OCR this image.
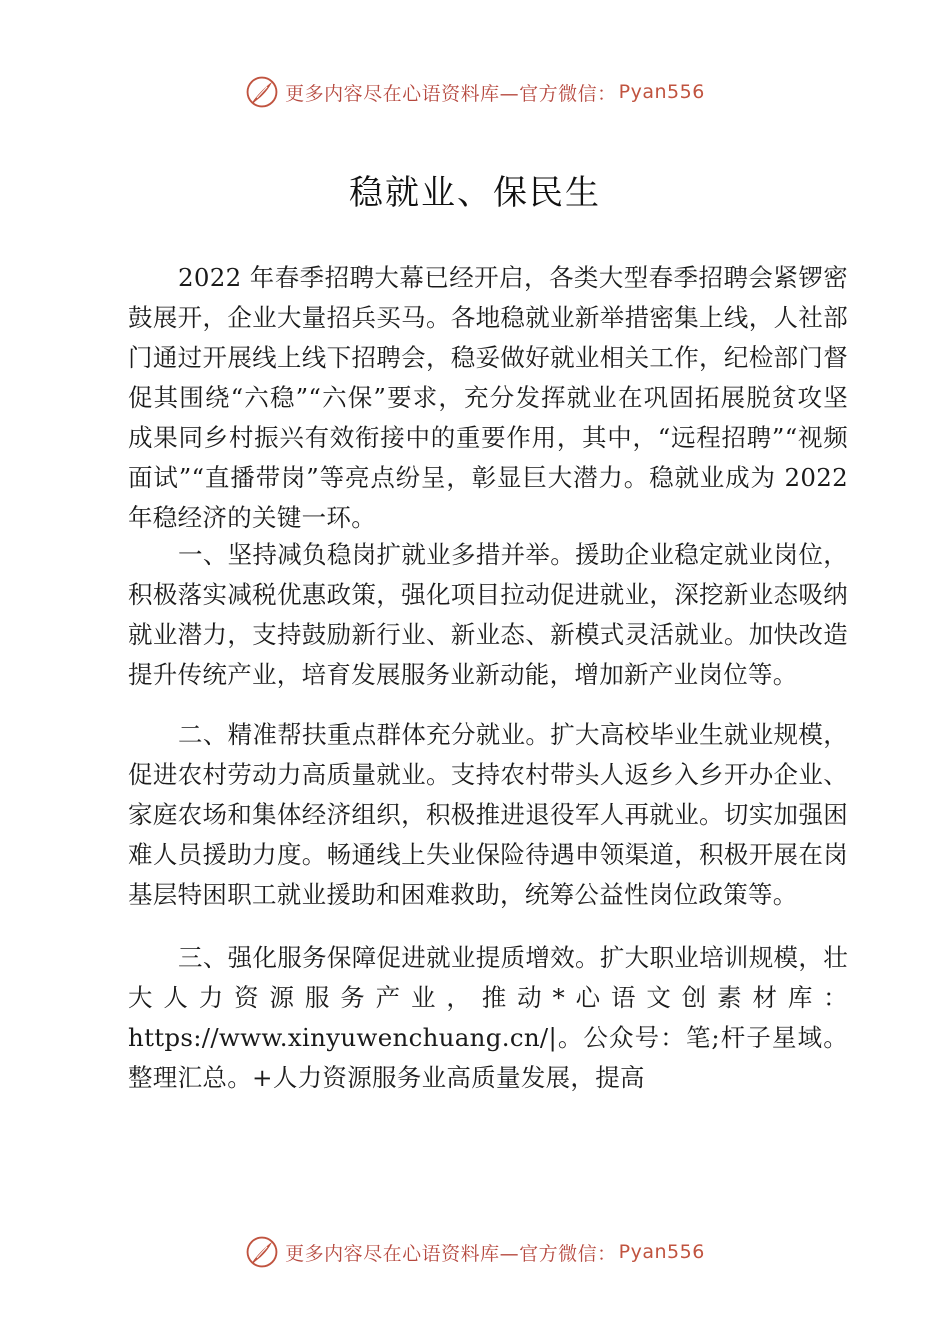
更多内容尽在心语资料库—官方微信： Pyan556
稳就业、保民生

2022 年春季招聘大幕已经开启，各类大型春季招聘会紧锣密鼓展开，企业大量招兵买马。各地稳就业新举措密集上线，人社部门通过开展线上线下招聘会，稳妥做好就业相关工作，纪检部门督促其围绕“六稳”“六保”要求，充分发挥就业在巩固拓展脱贫攻坚成果同乡村振兴有效衔接中的重要作用，其中，“远程招聘”“视频面试”“直播带岗”等亮点纷呈，彰显巨大潜力。稳就业成为 2022 年稳经济的关键一环。

一、坚持减负稳岗扩就业多措并举。援助企业稳定就业岗位，积极落实减税优惠政策，强化项目拉动促进就业，深挖新业态吸纳就业潜力，支持鼓励新行业、新业态、新模式灵活就业。加快改造提升传统产业，培育发展服务业新动能，增加新产业岗位等。

二、精准帮扶重点群体充分就业。扩大高校毕业生就业规模，促进农村劳动力高质量就业。支持农村带头人返乡入乡开办企业、家庭农场和集体经济组织，积极推进退役军人再就业。切实加强困难人员援助力度。畅通线上失业保险待遇申领渠道，积极开展在岗基层特困职工就业援助和困难救助，统筹公益性岗位政策等。

三、强化服务保障促进就业提质增效。扩大职业培训规模，壮大人力资源服务产业，推动*心语文创素材库：https://www.xinyuwenchuang.cn/|。公众号：笔;杆子星域。整理汇总。+人力资源服务业高质量发展，提高

更多内容尽在心语资料库—官方微信： Pyan556
